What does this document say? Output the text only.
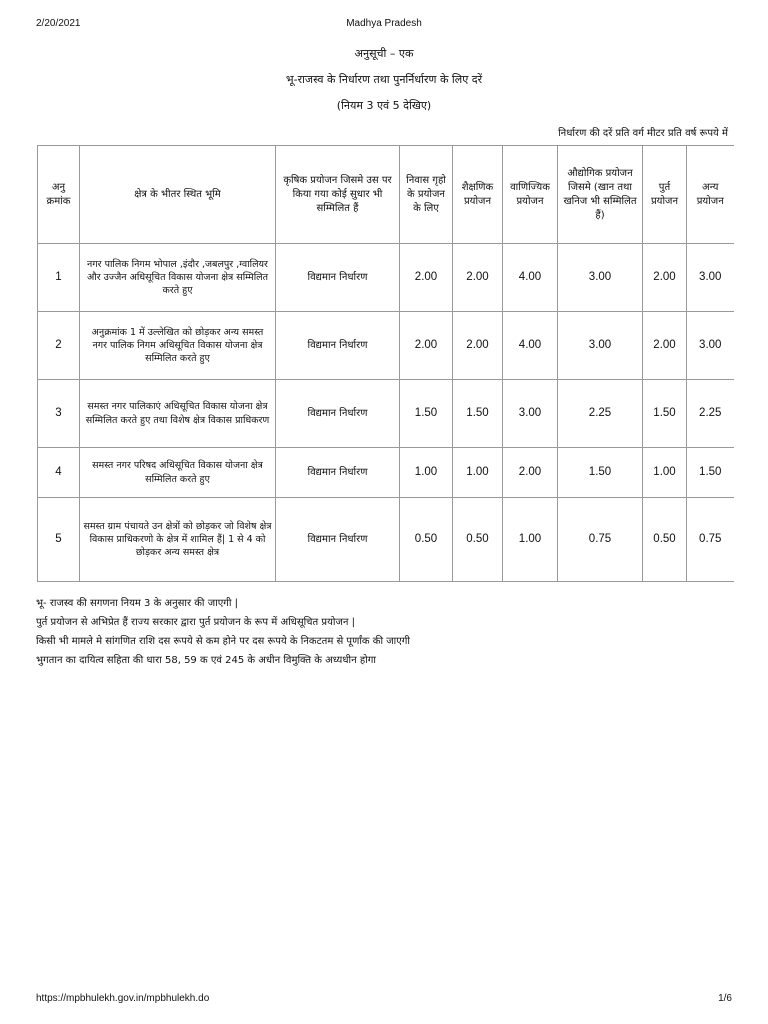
2/20/2021	Madhya Pradesh
अनुसूची – एक
भू-राजस्व के निर्धारण तथा पुनर्निर्धारण के लिए दरें
(नियम 3 एवं 5 देखिए)
निर्धारण की दरें प्रति वर्ग मीटर प्रति वर्ष रूपये में
अनु क्रमांक	क्षेत्र के भीतर स्थित भूमि	कृषिक प्रयोजन जिसमे उस पर किया गया कोई सुधार भी सम्मिलित हैं	निवास गृहो के प्रयोजन के लिए	शैक्षणिक प्रयोजन	वाणिज्यिक प्रयोजन	औद्योगिक प्रयोजन जिसमे (खान तथा खनिज भी सम्मिलित हैं)	पुर्त प्रयोजन	अन्य प्रयोजन
1	नगर पालिक निगम भोपाल ,इंदौर ,जबलपुर ,ग्वालियर और उज्जैन अधिसूचित विकास योजना क्षेत्र सम्मिलित करते हुए	विद्यमान निर्धारण	2.00	2.00	4.00	3.00	2.00	3.00
2	अनुक्रमांक 1 में उल्लेखित को छोड़कर अन्य समस्त नगर पालिक निगम अधिसूचित विकास योजना क्षेत्र सम्मिलित करते हुए	विद्यमान निर्धारण	2.00	2.00	4.00	3.00	2.00	3.00
3	समस्त नगर पालिकाएं अधिसूचित विकास योजना क्षेत्र सम्मिलित करते हुए तथा विशेष क्षेत्र विकास प्राधिकरण	विद्यमान निर्धारण	1.50	1.50	3.00	2.25	1.50	2.25
4	समस्त नगर परिषद अधिसूचित विकास योजना क्षेत्र सम्मिलित करते हुए	विद्यमान निर्धारण	1.00	1.00	2.00	1.50	1.00	1.50
5	समस्त ग्राम पंचायते उन क्षेत्रों को छोड़कर जो विशेष क्षेत्र विकास प्राधिकरणो के क्षेत्र में शामिल हैं| 1 से 4 को छोड़कर अन्य समस्त क्षेत्र	विद्यमान निर्धारण	0.50	0.50	1.00	0.75	0.50	0.75
भू- राजस्व की सगणना नियम 3 के अनुसार की जाएगी |
पुर्त प्रयोजन से अभिप्रेत हैं राज्य सरकार द्वारा पुर्त प्रयोजन के रूप में अधिसूचित प्रयोजन |
किसी भी मामले मे सांगणित राशि दस रूपये से कम होने पर दस रूपये के निकटतम से पूर्णांक की जाएगी
भुगतान का दायित्व सहिता की धारा 58, 59 क एवं 245 के अधीन विमुक्ति के अध्यधीन होगा
https://mpbhulekh.gov.in/mpbhulekh.do	1/6
